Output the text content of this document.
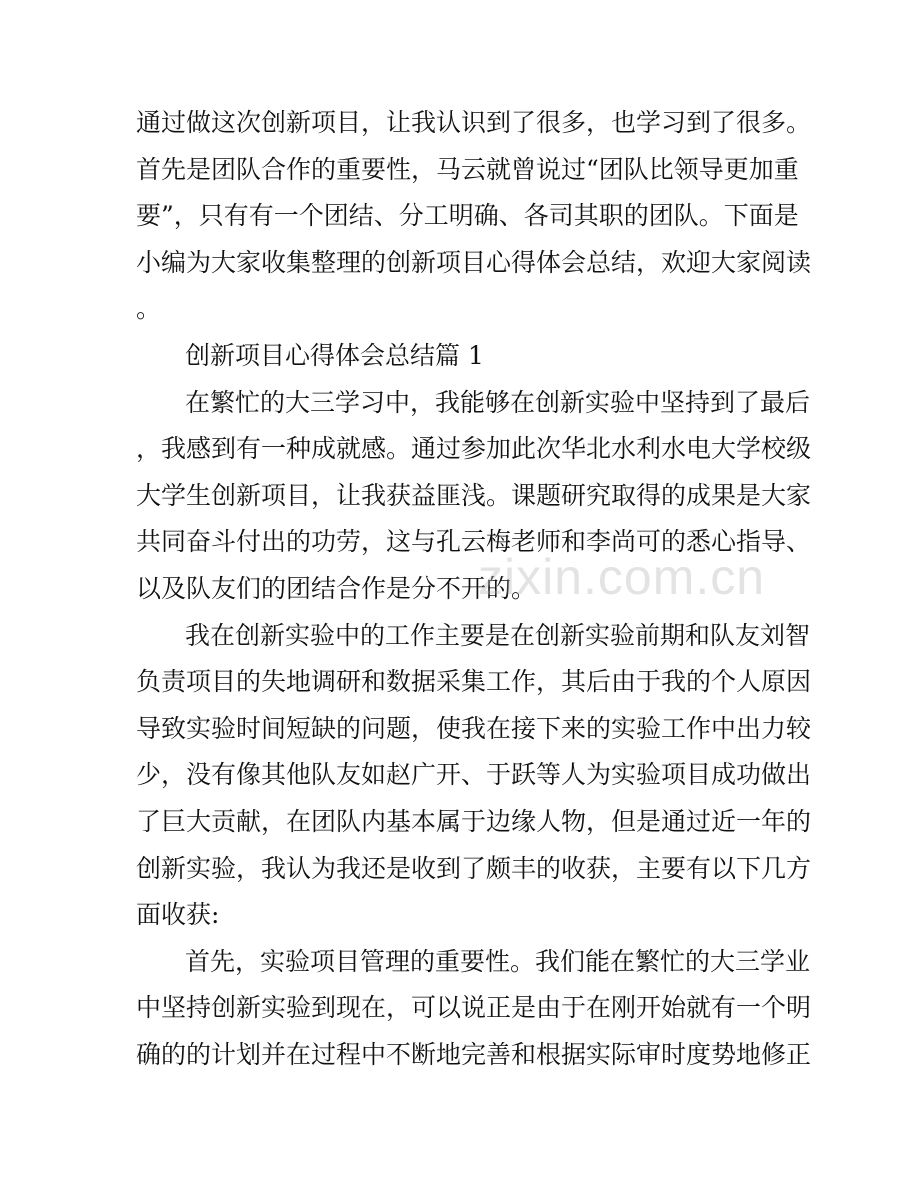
通过做这次创新项目，让我认识到了很多，也学习到了很多。
首先是团队合作的重要性，马云就曾说过“团队比领导更加重
要”，只有有一个团结、分工明确、各司其职的团队。下面是
小编为大家收集整理的创新项目心得体会总结，欢迎大家阅读
。
创新项目心得体会总结篇 1
在繁忙的大三学习中，我能够在创新实验中坚持到了最后
，我感到有一种成就感。通过参加此次华北水利水电大学校级
大学生创新项目，让我获益匪浅。课题研究取得的成果是大家
共同奋斗付出的功劳，这与孔云梅老师和李尚可的悉心指导、
以及队友们的团结合作是分不开的。
我在创新实验中的工作主要是在创新实验前期和队友刘智
负责项目的失地调研和数据采集工作，其后由于我的个人原因
导致实验时间短缺的问题，使我在接下来的实验工作中出力较
少，没有像其他队友如赵广开、于跃等人为实验项目成功做出
了巨大贡献，在团队内基本属于边缘人物，但是通过近一年的
创新实验，我认为我还是收到了颇丰的收获，主要有以下几方
面收获:
首先，实验项目管理的重要性。我们能在繁忙的大三学业
中坚持创新实验到现在，可以说正是由于在刚开始就有一个明
确的的计划并在过程中不断地完善和根据实际审时度势地修正
zixin.com.cn
